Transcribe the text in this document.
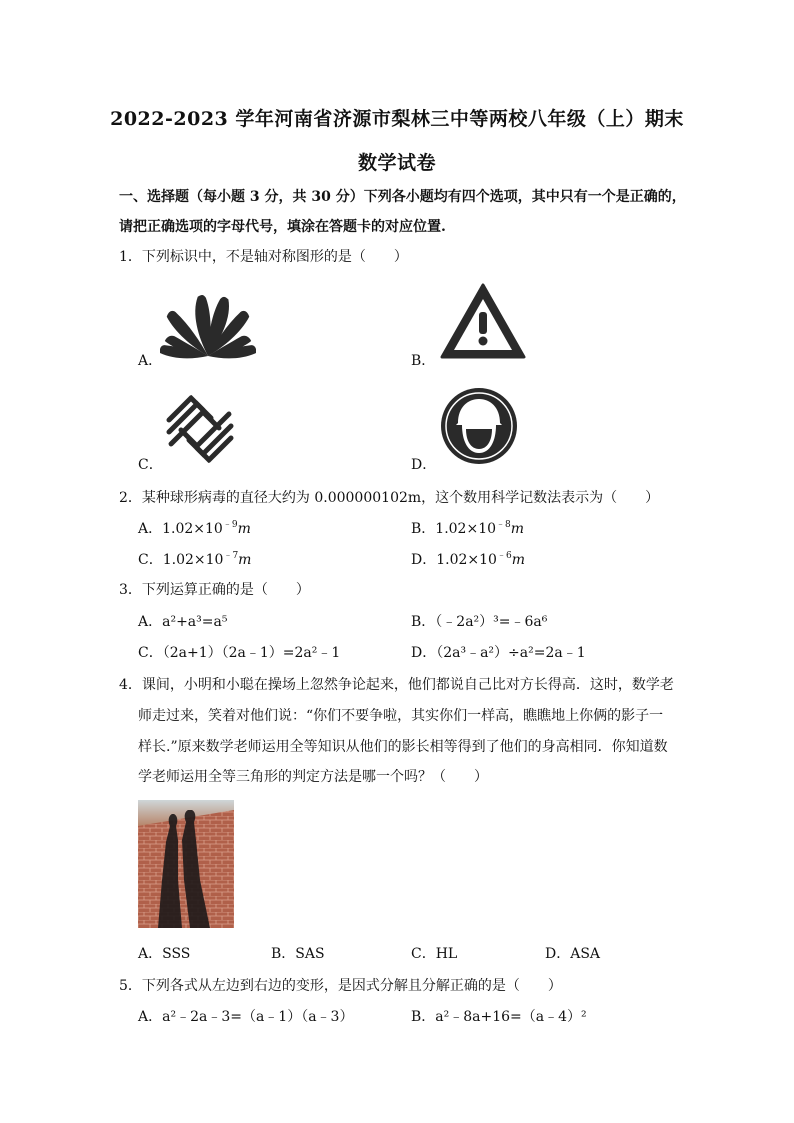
2022-2023 学年河南省济源市梨林三中等两校八年级（上）期末
数学试卷
一、选择题（每小题 3 分，共 30 分）下列各小题均有四个选项，其中只有一个是正确的，
请把正确选项的字母代号，填涂在答题卡的对应位置.
1．下列标识中，不是轴对称图形的是（　　）
A．	B．
C．	D．
2．某种球形病毒的直径大约为 0.000000102m，这个数用科学记数法表示为（　　）
A．$1.02\times 10^{﹣9}m$	B．$1.02\times 10^{﹣8}m$
C．$1.02\times 10^{﹣7}m$	D．$1.02\times 10^{﹣6}m$
3．下列运算正确的是（　　）
A．a²+a³=a⁵	B．（﹣2a²）³=﹣6a⁶
C．（2a+1）（2a﹣1）=2a²﹣1	D．（2a³﹣a²）÷a²=2a﹣1
4．课间，小明和小聪在操场上忽然争论起来，他们都说自己比对方长得高．这时，数学老
师走过来，笑着对他们说：“你们不要争啦，其实你们一样高，瞧瞧地上你俩的影子一
样长.”原来数学老师运用全等知识从他们的影长相等得到了他们的身高相同．你知道数
学老师运用全等三角形的判定方法是哪一个吗？（　　）
A．SSS	B．SAS	C．HL	D．ASA
5．下列各式从左边到右边的变形，是因式分解且分解正确的是（　　）
A．a²﹣2a﹣3=（a﹣1）（a﹣3）	B．a²﹣8a+16=（a﹣4）²
